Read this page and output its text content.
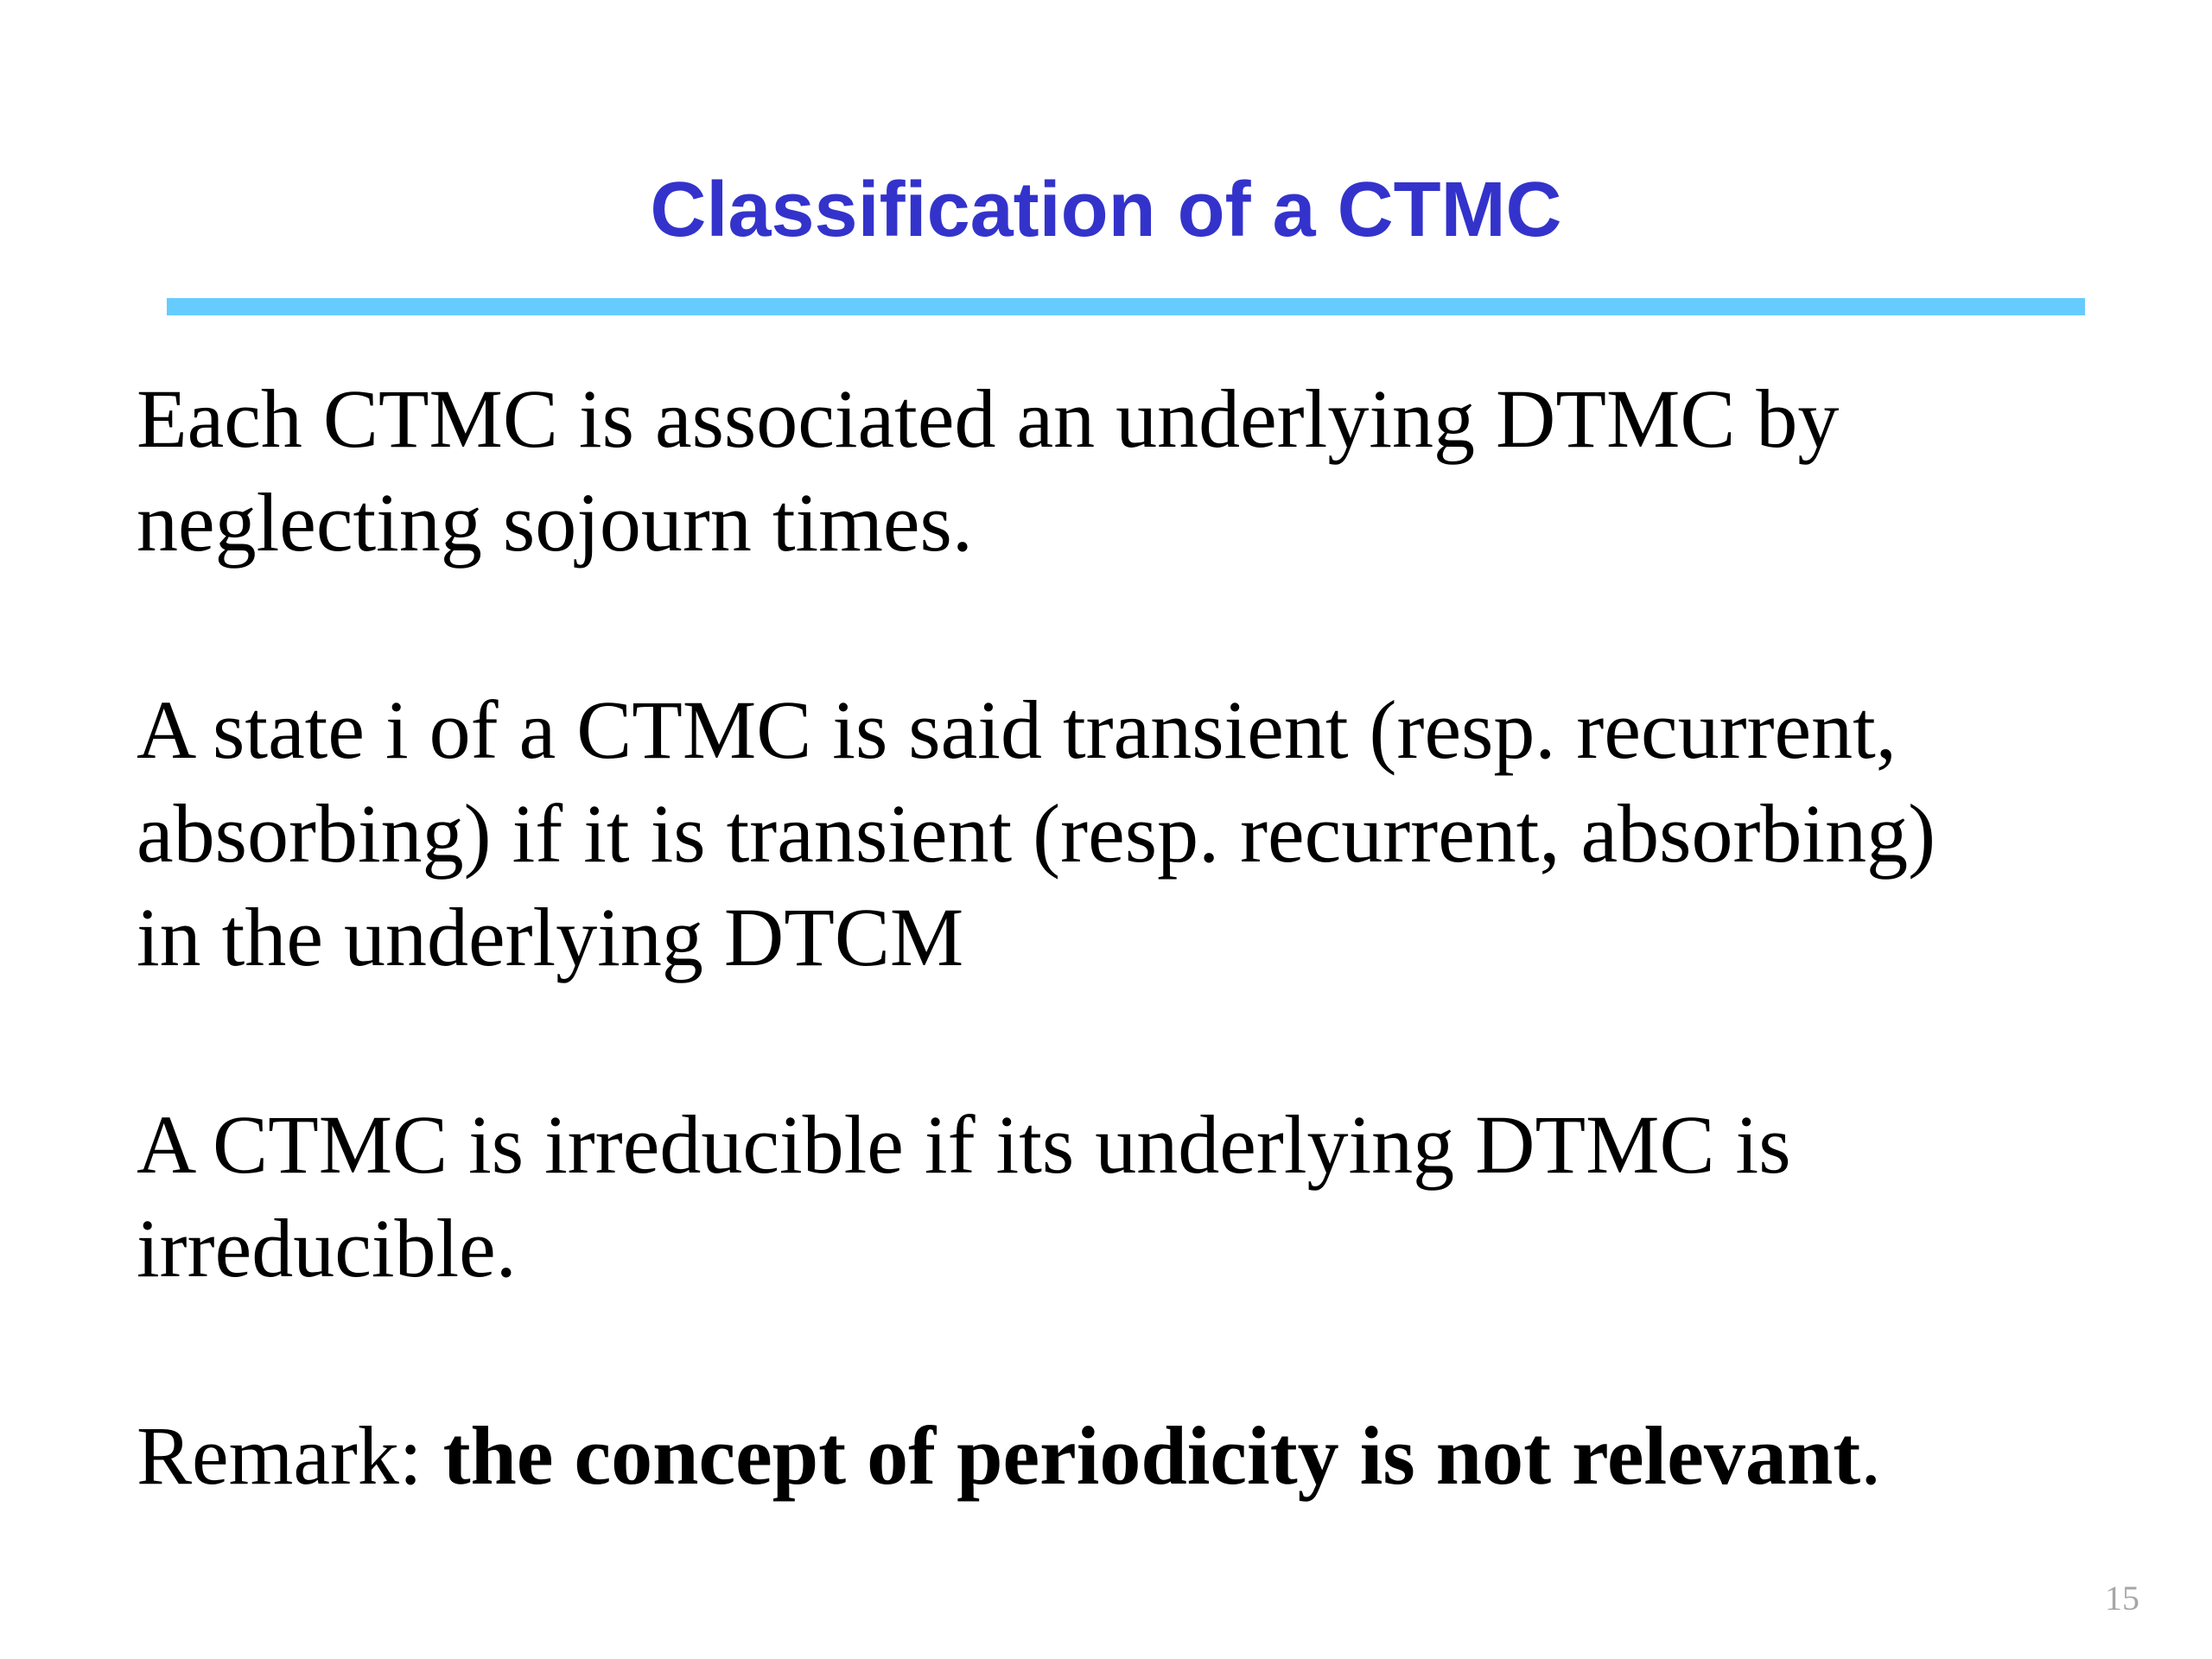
Classification of a CTMC

Each CTMC is associated an underlying DTMC by
neglecting sojourn times.

A state i of a CTMC is said transient (resp. recurrent,
absorbing) if it is transient (resp. recurrent, absorbing)
in the underlying DTCM

A CTMC is irreducible if its underlying DTMC is
irreducible.

Remark: the concept of periodicity is not relevant.

15
